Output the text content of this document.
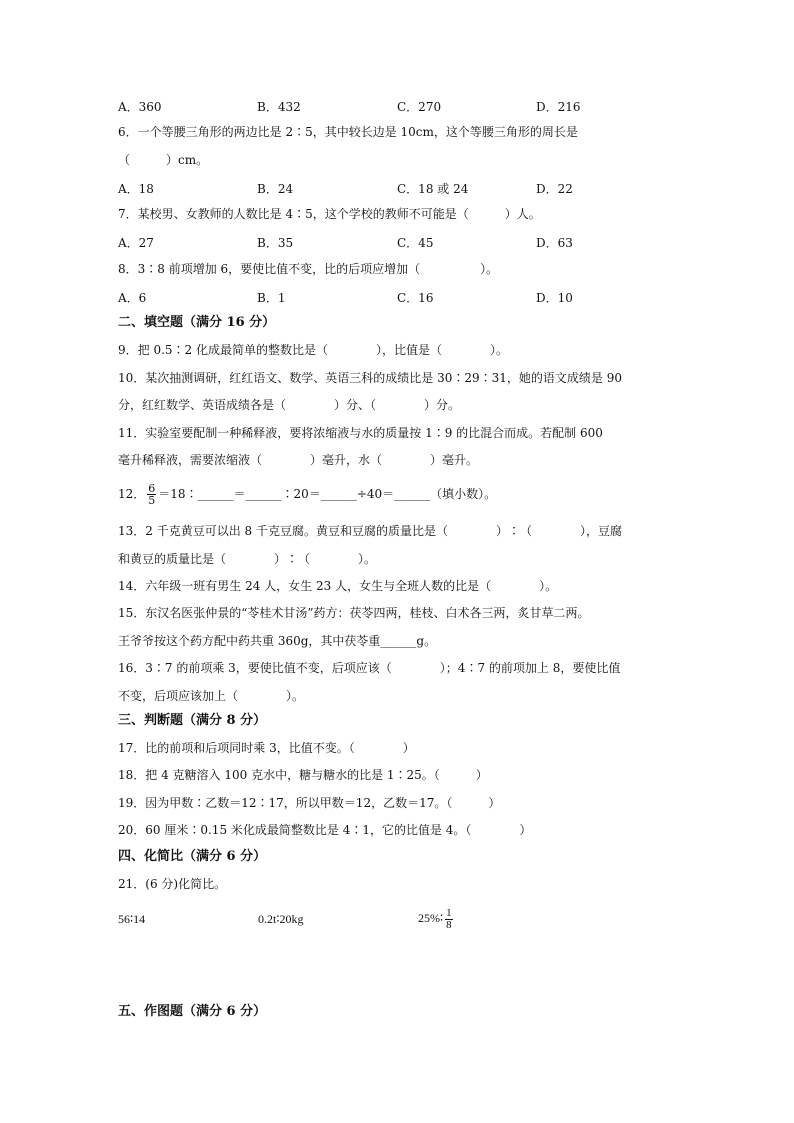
A．360	B．432	C．270	D．216
6．一个等腰三角形的两边比是 2∶5，其中较长边是 10cm，这个等腰三角形的周长是
（　　　）cm。
A．18	B．24	C．18 或 24	D．22
7．某校男、女教师的人数比是 4∶5，这个学校的教师不可能是（　　　）人。
A．27	B．35	C．45	D．63
8．3∶8 前项增加 6，要使比值不变，比的后项应增加（　　　　　）。
A．6	B．1	C．16	D．10
二、填空题（满分 16 分）
9．把 0.5∶2 化成最简单的整数比是（　　　　），比值是（　　　　）。
10．某次抽测调研，红红语文、数学、英语三科的成绩比是 30∶29∶31，她的语文成绩是 90
分，红红数学、英语成绩各是（　　　　）分、（　　　　）分。
11．实验室要配制一种稀释液，要将浓缩液与水的质量按 1∶9 的比混合而成。若配制 600
毫升稀释液，需要浓缩液（　　　　）毫升，水（　　　　）毫升。
12． $\frac{6}{5}$ ＝18∶______＝______∶20＝______÷40＝______（填小数）。
13．2 千克黄豆可以出 8 千克豆腐。黄豆和豆腐的质量比是（　　　　）∶（　　　　），豆腐
和黄豆的质量比是（　　　　）∶（　　　　）。
14．六年级一班有男生 24 人，女生 23 人，女生与全班人数的比是（　　　　）。
15．东汉名医张仲景的“苓桂术甘汤”药方：茯苓四两，桂枝、白术各三两，炙甘草二两。
王爷爷按这个药方配中药共重 360g，其中茯苓重______g。
16．3∶7 的前项乘 3，要使比值不变，后项应该（　　　　）；4∶7 的前项加上 8，要使比值
不变，后项应该加上（　　　　）。
三、判断题（满分 8 分）
17．比的前项和后项同时乘 3，比值不变。（　　　　）
18．把 4 克糖溶入 100 克水中，糖与糖水的比是 1∶25。（　　　）
19．因为甲数∶乙数＝12∶17，所以甲数＝12，乙数＝17。（　　　）
20．60 厘米∶0.15 米化成最简整数比是 4∶1，它的比值是 4。（　　　　）
四、化简比（满分 6 分）
21．(6 分)化简比。
56∶14	0.2t∶20kg	25%∶ $\frac{1}{8}$
五、作图题（满分 6 分）
